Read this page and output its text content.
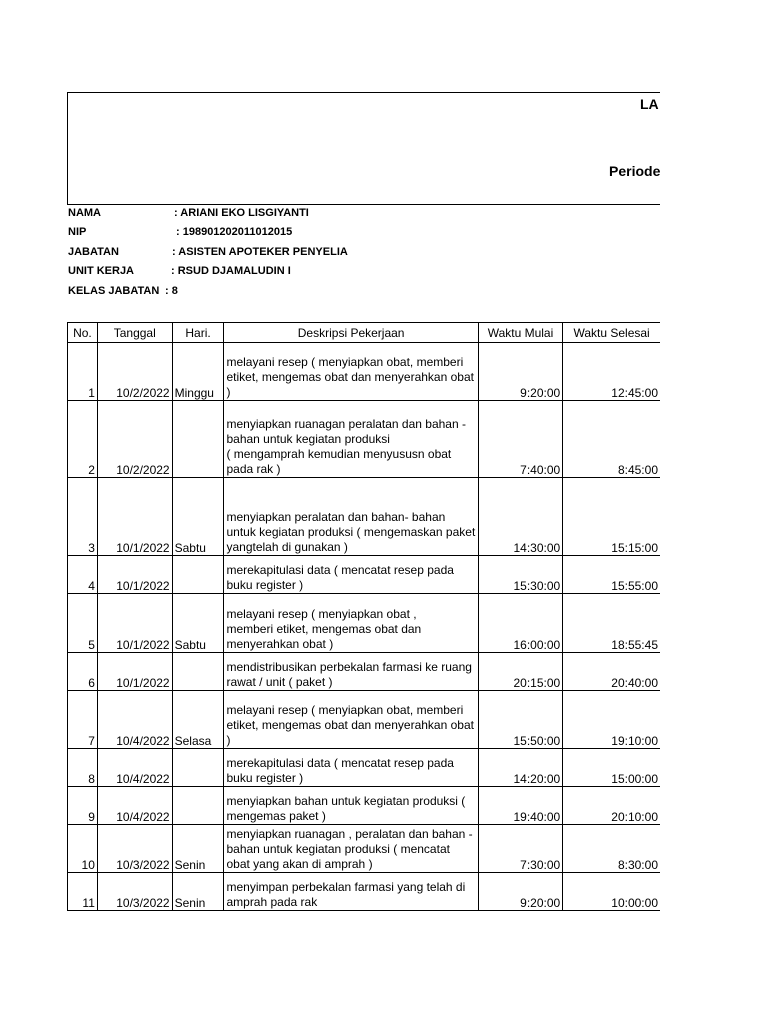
LA
Periode
NAMA	: ARIANI EKO LISGIYANTI
NIP	: 198901202011012015
JABATAN	: ASISTEN APOTEKER PENYELIA
UNIT KERJA	: RSUD DJAMALUDIN I
KELAS JABATAN : 8
No.	Tanggal	Hari.	Deskripsi Pekerjaan	Waktu Mulai	Waktu Selesai
1	10/2/2022	Minggu	melayani resep ( menyiapkan obat, memberi etiket, mengemas obat dan menyerahkan obat )	9:20:00	12:45:00
2	10/2/2022		menyiapkan ruanagan peralatan dan bahan - bahan untuk kegiatan produksi
( mengamprah kemudian menyususn obat pada rak )	7:40:00	8:45:00
3	10/1/2022	Sabtu	menyiapkan peralatan dan bahan- bahan untuk kegiatan produksi ( mengemaskan paket yangtelah di gunakan )	14:30:00	15:15:00
4	10/1/2022		merekapitulasi data ( mencatat resep pada buku register )	15:30:00	15:55:00
5	10/1/2022	Sabtu	melayani resep ( menyiapkan obat ,
memberi etiket, mengemas obat dan menyerahkan obat )	16:00:00	18:55:45
6	10/1/2022		mendistribusikan perbekalan farmasi ke ruang rawat / unit ( paket )	20:15:00	20:40:00
7	10/4/2022	Selasa	melayani resep ( menyiapkan obat, memberi etiket, mengemas obat dan menyerahkan obat )	15:50:00	19:10:00
8	10/4/2022		merekapitulasi data ( mencatat resep pada buku register )	14:20:00	15:00:00
9	10/4/2022		menyiapkan bahan untuk kegiatan produksi ( mengemas paket )	19:40:00	20:10:00
10	10/3/2022	Senin	menyiapkan ruanagan , peralatan dan bahan - bahan untuk kegiatan produksi ( mencatat obat yang akan di amprah )	7:30:00	8:30:00
11	10/3/2022	Senin	menyimpan perbekalan farmasi yang telah di amprah pada rak	9:20:00	10:00:00
